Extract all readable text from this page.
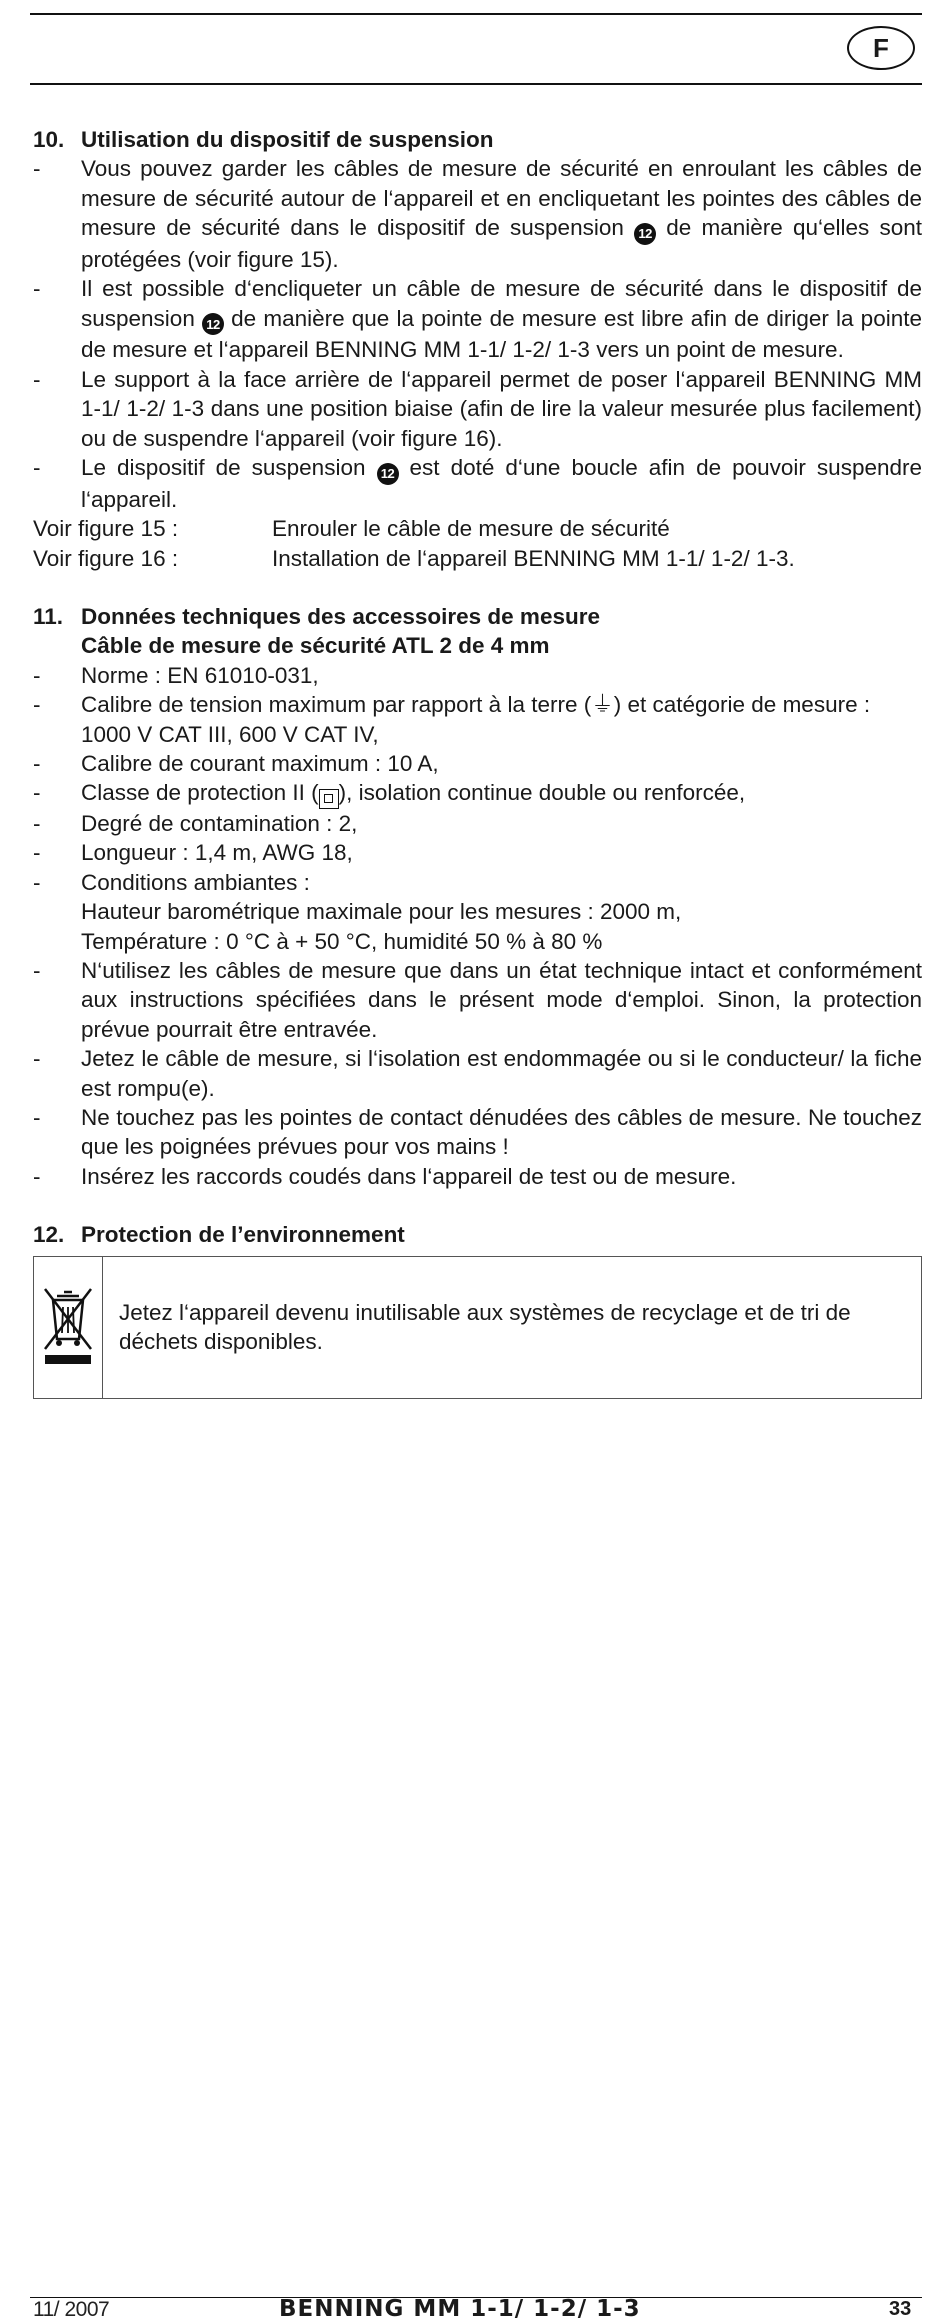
F
10. Utilisation du dispositif de suspension
-	Vous pouvez garder les câbles de mesure de sécurité en enroulant les câbles de mesure de sécurité autour de l‘appareil et en encliquetant les pointes des câbles de mesure de sécurité dans le dispositif de suspension 12 de manière qu‘elles sont protégées (voir figure 15).
-	Il est possible d‘encliqueter un câble de mesure de sécurité dans le dispositif de suspension 12 de manière que la pointe de mesure est libre afin de diriger la pointe de mesure et l‘appareil BENNING MM 1-1/ 1-2/ 1-3 vers un point de mesure.
-	Le support à la face arrière de l‘appareil permet de poser l‘appareil BENNING MM 1-1/ 1-2/ 1-3 dans une position biaise (afin de lire la valeur mesurée plus facilement) ou de suspendre l‘appareil (voir figure 16).
-	Le dispositif de suspension 12 est doté d‘une boucle afin de pouvoir suspendre l‘appareil.
Voir figure 15 :	Enrouler le câble de mesure de sécurité
Voir figure 16 :	Installation de l‘appareil BENNING MM 1-1/ 1-2/ 1-3.
11. Données techniques des accessoires de mesure
Câble de mesure de sécurité ATL 2 de 4 mm
-	Norme : EN 61010-031,
-	Calibre de tension maximum par rapport à la terre (⏚) et catégorie de mesure : 1000 V CAT III, 600 V CAT IV,
-	Calibre de courant maximum : 10 A,
-	Classe de protection II ( ), isolation continue double ou renforcée,
-	Degré de contamination : 2,
-	Longueur : 1,4 m, AWG 18,
-	Conditions ambiantes :
Hauteur barométrique maximale pour les mesures : 2000 m,
Température : 0 °C à + 50 °C, humidité 50 % à 80 %
-	N‘utilisez les câbles de mesure que dans un état technique intact et conformément aux instructions spécifiées dans le présent mode d‘emploi. Sinon, la protection prévue pourrait être entravée.
-	Jetez le câble de mesure, si l‘isolation est endommagée ou si le conducteur/ la fiche est rompu(e).
-	Ne touchez pas les pointes de contact dénudées des câbles de mesure. Ne touchez que les poignées prévues pour vos mains !
-	Insérez les raccords coudés dans l‘appareil de test ou de mesure.
12. Protection de l’environnement
Jetez l‘appareil devenu inutilisable aux systèmes de recyclage et de tri de déchets disponibles.
11/ 2007	BENNING MM 1-1/ 1-2/ 1-3	33
